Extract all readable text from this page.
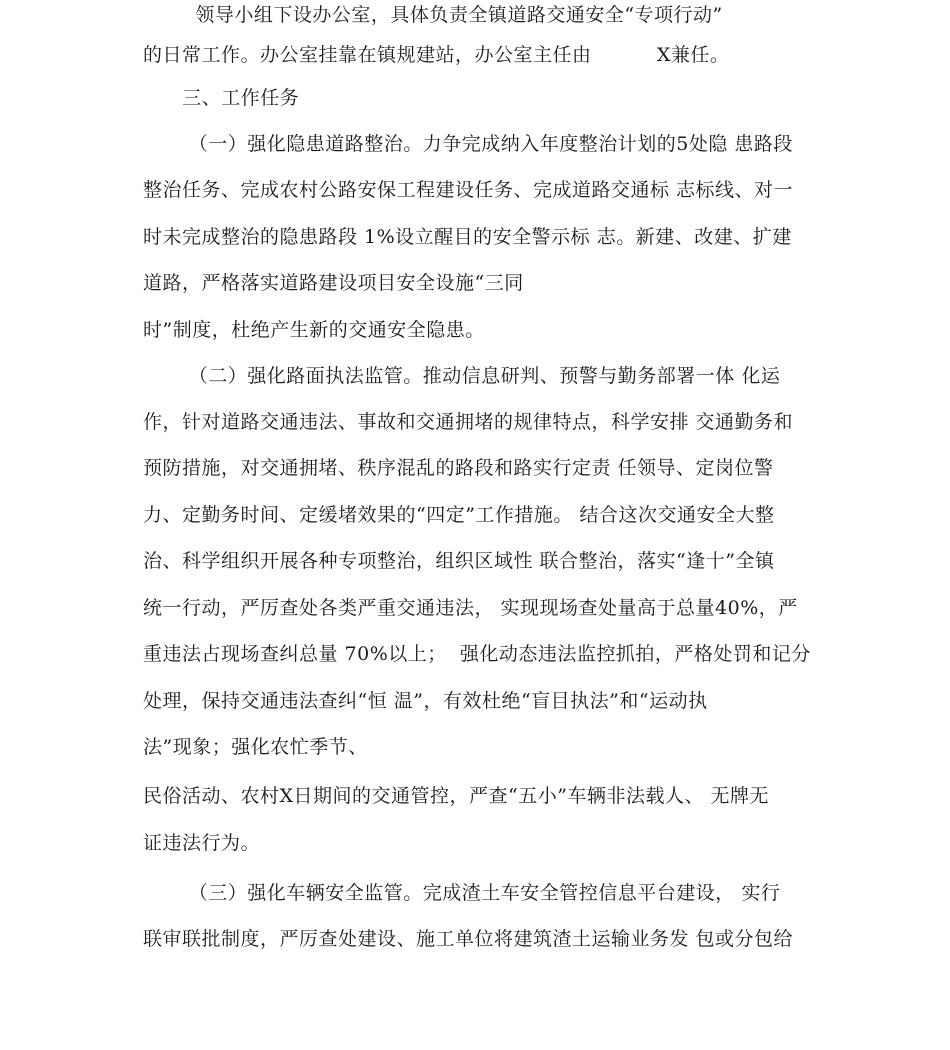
领导小组下设办公室，具体负责全镇道路交通安全“专项行动”
的日常工作。办公室挂靠在镇规建站，办公室主任由          X兼任。
三、工作任务
（一）强化隐患道路整治。力争完成纳入年度整治计划的5处隐 患路段
整治任务、完成农村公路安保工程建设任务、完成道路交通标 志标线、对一
时未完成整治的隐患路段 1%设立醒目的安全警示标 志。新建、改建、扩建
道路，严格落实道路建设项目安全设施“三同
时”制度，杜绝产生新的交通安全隐患。
（二）强化路面执法监管。推动信息研判、预警与勤务部署一体 化运
作，针对道路交通违法、事故和交通拥堵的规律特点，科学安排 交通勤务和
预防措施，对交通拥堵、秩序混乱的路段和路实行定责 任领导、定岗位警
力、定勤务时间、定缓堵效果的“四定”工作措施。 结合这次交通安全大整
治、科学组织开展各种专项整治，组织区域性 联合整治，落实“逢十”全镇
统一行动，严厉查处各类严重交通违法， 实现现场查处量高于总量40%，严
重违法占现场查纠总量 70%以上；  强化动态违法监控抓拍，严格处罚和记分
处理，保持交通违法查纠“恒 温”，有效杜绝“盲目执法”和“运动执
法”现象；强化农忙季节、
民俗活动、农村X日期间的交通管控，严查“五小”车辆非法载人、 无牌无
证违法行为。
（三）强化车辆安全监管。完成渣土车安全管控信息平台建设， 实行
联审联批制度，严厉查处建设、施工单位将建筑渣土运输业务发 包或分包给
